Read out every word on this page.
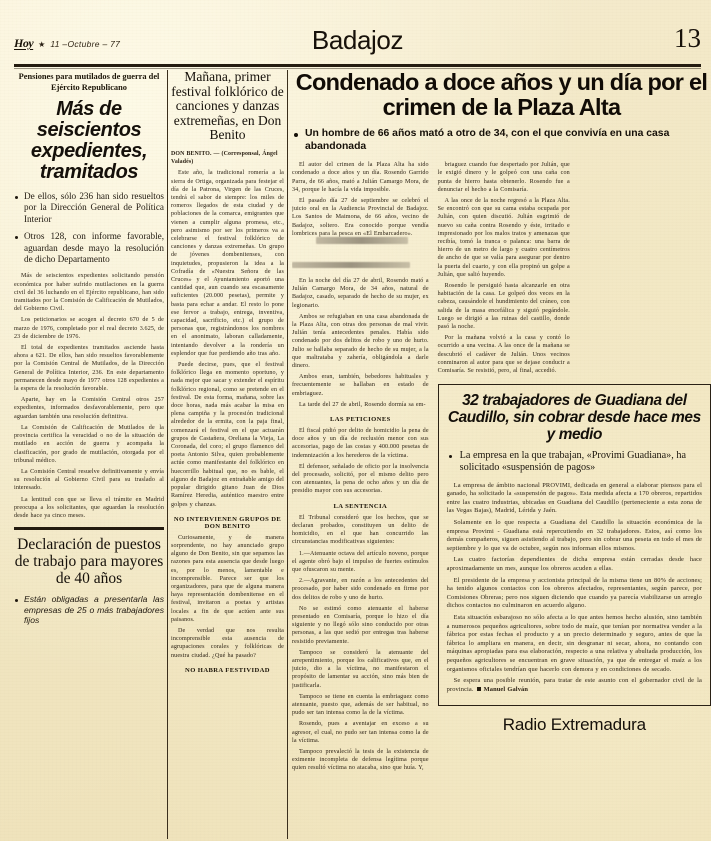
Hoy ★ 11 –Octubre – 77	Badajoz	13
Pensiones para mutilados de guerra del Ejército Republicano
Más de seiscientos expedientes, tramitados
De ellos, sólo 236 han sido resueltos por la Dirección General de Política Interior
Otros 128, con informe favorable, aguardan desde mayo la resolución de dicho Departamento

Más de seiscientos expedientes solicitando pensión económica por haber sufrido mutilaciones en la guerra civil del 36 luchando en el Ejército republicano, han sido tramitados por la Comisión de Calificación de Mutilados, del Gobierno Civil.

Los peticionarios se acogen al decreto 670 de 5 de marzo de 1976, completado por el real decreto 3.625, de 23 de diciembre de 1976.

El total de expedientes tramitados asciende hasta ahora a 621. De ellos, han sido resueltos favorablemente por la Comisión Central de Mutilados, de la Dirección General de Política Interior, 236. En este departamento permanecen desde mayo de 1977 otros 128 expedientes a la espera de la resolución favorable.

Aparte, hay en la Comisión Central otros 257 expedientes, informados desfavorablemente, pero que aguardan también una resolución definitiva.

La Comisión de Calificación de Mutilados de la provincia certifica la veracidad o no de la situación de mutilado en acción de guerra y acompaña la clasificación, por grado de mutilación, otorgada por el tribunal médico.

La Comisión Central resuelve definitivamente y envía su resolución al Gobierno Civil para su traslado al interesado.

La lentitud con que se lleva el trámite en Madrid preocupa a los solicitantes, que aguardan la resolución desde hace ya cinco meses.

Declaración de puestos de trabajo para mayores de 40 años
Están obligadas a presentarla las empresas de 25 o más trabajadores fijos
Mañana, primer festival folklórico de canciones y danzas extremeñas, en Don Benito

DON BENITO. — (Corresponsal, Ángel Valadés)

Este año, la tradicional romería a la sierra de Ortiga, organizada para festejar el día de la Patrona, Virgen de las Cruces, tendrá el sabor de siempre: los miles de romeros llegados de esta ciudad y de poblaciones de la comarca, emigrantes que vienen a cumplir alguna promesa, etc., pero asimismo por ser los primeros va a celebrarse el festival folklórico de canciones y danzas extremeñas. Un grupo de jóvenes dombenitenses, con inquietudes, propusieron la idea a la Cofradía de «Nuestra Señora de las Cruces» y el Ayuntamiento aportó una cantidad que, aun cuando sea escasamente suficientes (20.000 pesetas), permite y basta para echar a andar. El resto lo pone ese fervor a trabajo, entrega, inventiva, capacidad, sacrificio, etc.) el grupo de personas que, registrándonos los nombres en el anonimato, laboran calladamente, intentando devolver a la rondería un esplendor que fue perdiendo año tras año.

Puede decirse, pues, que el festival folklórico llega en momento oportuno, y nada mejor que sacar y extender el espíritu folklórico regional, como se pretende en el festival. De esta forma, mañana, sobre las doce horas, nada más acabar la misa en plena campiña y la procesión tradicional alrededor de la ermita, con la paja final, comenzará el festival en el que actuarán grupos de Castañera, Oreliana la Vieja, La Coronada, del coro; el grupo flamenco del poeta Antonio Silva, quien probablemente actúe como manifestante del folklórico en huecorrillo habitual que, no es bable, el alguno de Badajoz en entrañable amigo del popular dirigido gitano Juan de Dios Ramírez Heredia, auténtico maestro entre golpes y chanzas.

NO INTERVIENEN GRUPOS DE DON BENITO

Curiosamente, y de manera sorprendente, no hay anunciado grupo alguno de Don Benito, sin que sepamos las razones para esta ausencia que desde luego es, por lo menos, lamentable e incomprensible. Parece ser que los organizadores, para que de alguna manera haya representación dombenitense en el festival, invitaron a poetas y artistas locales a fin de que actúen ante sus paisanos.

De verdad que nos resulta incomprensible esta ausencia de agrupaciones corales y folklóricas de nuestra ciudad. ¿Qué ha pasado?

NO HABRA FESTIVIDAD
Condenado a doce años y un día por el crimen de la Plaza Alta
Un hombre de 66 años mató a otro de 34, con el que convivía en una casa abandonada

El autor del crimen de la Plaza Alta ha sido condenado a doce años y un día. Rosendo Garrido Parra, de 66 años, mató a Julián Camargo Mora, de 34, porque le hacía la vida imposible.

El pasado día 27 de septiembre se celebró el juicio oral en la Audiencia Provincial de Badajoz. Los Santos de Maimona, de 66 años, vecino de Badajoz, soltero. Era conocido porque vendía lombrices para la pesca en «El Embarcadero».

En la noche del día 27 de abril, Rosendo mató a Julián Camargo Mora, de 34 años, natural de Badajoz, casado, separado de hecho de su mujer, ex legionario.

Ambos se refugiaban en una casa abandonada de la Plaza Alta, con otras dos personas de mal vivir. Julián tenía antecedentes penales. Había sido condenado por dos delitos de robo y uno de hurto. Julio se hallaba separado de hecho de su mujer, a la que maltrataba y zahería, obligándola a darle dinero.

Ambos eran, también, bebedores habituales y frecuentemente se hallaban en estado de embriaguez.

La tarde del 27 de abril, Rosendo dormía sa em-

LAS PETICIONES

El fiscal pidió por delito de homicidio la pena de doce años y un día de reclusión menor con sus accesorias, pago de las costas y 400.000 pesetas de indemnización a los herederos de la víctima.

El defensor, señalado de oficio por la insolvencia del procesado, solicitó, por el mismo delito pero con atenuantes, la pena de ocho años y un día de presidio mayor con sus accesorias.

LA SENTENCIA

El Tribunal consideró que los hechos, que se declaran probados, constituyen un delito de homicidio, en el que han concurrido las circunstancias modificativas siguientes:

1.—Atenuante octava del artículo noveno, porque el agente obró bajo el impulso de fuertes estímulos que ofuscaron su mente.

2.—Agravante, en razón a los antecedentes del procesado, por haber sido condenado en firme por dos delitos de robo y uno de hurto.

No se estimó como atenuante el haberse presentado en Comisaría, porque lo hizo el día siguiente y no llegó sólo sino conducido por otras personas, a las que sedió por entregas tras haberse resistido previamente.

Tampoco se consideró la atenuante del arrepentimiento, porque los calificativos que, en el juicio, dio a la víctima, no manifestaron el propósito de lamentar su acción, sino más bien de justificarla.

Tampoco se tiene en cuenta la embriaguez como atenuante, puesto que, además de ser habitual, no pudo ser tan intensa como la de la víctima.

Rosendo, pues a aventajar en exceso a su agresor, el cual, no pudo ser tan intensa como la de la víctima.

Tampoco prevaleció la tesis de la existencia de eximente incompleta de defensa legítima porque quien resultó víctima no atacaba, sino que huía. Y,

briaguez cuando fue despertado por Julián, que le exigió dinero y le golpeó con una caña con punta de hierro hasta obtenerlo. Rosendo fue a denunciar el hecho a la Comisaría.

A las once de la noche regresó a la Plaza Alta. Se encontró con que su cama estaba ocupada por Julián, con quien discutió. Julián esgrimió de nuevo su caña contra Rosendo y éste, irritado e impresionado por los malos tratos y amenazas que recibía, tomó la tranca o palanca: una barra de hierro de un metro de largo y cuatro centímetros de ancho de que se valía para asegurar por dentro la puerta del cuarto, y con ella propinó un golpe a Julián, que salió huyendo.

Rosendo le persiguió hasta alcanzarle en otra habitación de la casa. Le golpeó dos veces en la cabeza, causándole el hundimiento del cráneo, con salida de la masa encefálica y siguió pegándole. Luego se dirigió a las ruinas del castillo, donde pasó la noche.

Por la mañana volvió a la casa y contó lo ocurrido a una vecina. A las once de la mañana se descubrió el cadáver de Julián. Unos vecinos conminaron al autor para que se dejase conducir a Comisaría. Se resistió, pero, al final, accedió.

32 trabajadores de Guadiana del Caudillo, sin cobrar desde hace mes y medio
La empresa en la que trabajan, «Provimi Guadiana», ha solicitado «suspensión de pagos»

La empresa de ámbito nacional PROVIMI, dedicada en general a elaborar piensos para el ganado, ha solicitado la «suspensión de pagos». Esta medida afecta a 170 obreros, repartidos entre las cuatro industrias, ubicadas en Guadiana del Caudillo (perteneciente a esta zona de las Vegas Bajas), Madrid, Lérida y Jaén.

Solamente en lo que respecta a Guadiana del Caudillo la situación económica de la empresa Provimi - Guadiana está repercutiendo en 32 trabajadores. Estos, así como los demás compañeros, siguen asistiendo al trabajo, pero sin cobrar una peseta en todo el mes de septiembre y lo que va de octubre, según nos informan ellos mismos.

Las cuatro factorías dependientes de dicha empresa están cerradas desde hace aproximadamente un mes, aunque los obreros acuden a ellas.

El presidente de la empresa y accionista principal de la misma tiene un 80% de acciones; ha tenido algunos contactos con los obreros afectados, representantes, según parece, por Comisiones Obreras; pero nos siguen diciendo que cuando ya parecía viabilizarse un arreglo dichos contactos no culminaron en acuerdo alguno.

Esta situación esbarajoso no sólo afecta a lo que antes hemos hecho alusión, sino también a numerosos pequeños agricultores, sobre todo de maíz, que tenían por normativa vender a la fábrica por estas fechas el producto y a un precio determinado y seguro, antes de que la fábrica lo ampliara en manera, en decir, sin desgranar ni secar, ahora, no contando con máquinas apropiadas para esa elaboración, respecto a una relativa y abultada producción, los pequeños agricultores se encuentran en grave situación, ya que de entregar el maíz a los organismos oficiales tendrían que hacerlo con demora y en condiciones de secado.

Se espera una posible reunión, para tratar de este asunto con el gobernador civil de la provincia. Manuel Galván

Radio Extremadura
